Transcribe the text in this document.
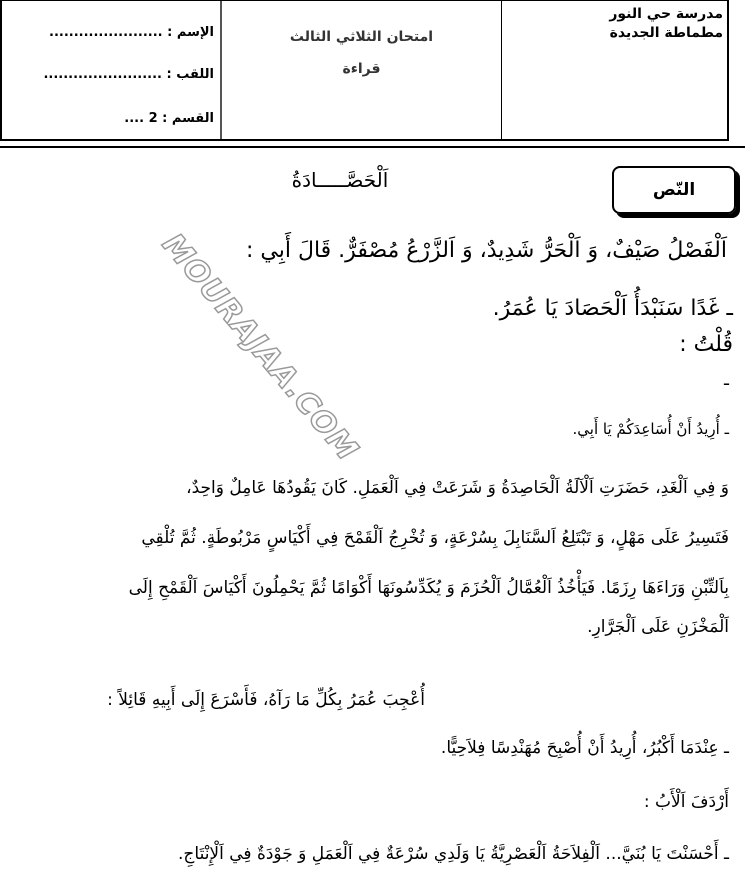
الإسم : .......................
اللقب : ........................
القسم : 2 ....
امتحان الثلاثي الثالث
قراءة
مدرسة حي النور
مطماطة الجديدة
النّص
اَلْحَصَّـــــادَةُ
MOURAJAA.COM
اَلْفَصْلُ صَيْفٌ، وَ اَلْحَرُّ شَدِيدٌ، وَ اَلزَّرْعُ مُصْفَرٌّ. قَالَ أَبِي :
ـ غَدًا سَنَبْدَأُ اَلْحَصَادَ يَا عُمَرُ.
قُلْتُ :
ـ
ـ أُرِيدُ أَنْ أُسَاعِدَكُمْ يَا أَبِي.
وَ فِي اَلْغَدِ، حَضَرَتِ اَلْآلَةُ اَلْحَاصِدَةُ وَ شَرَعَتْ فِي اَلْعَمَلِ. كَانَ يَقُودُهَا عَامِلٌ وَاحِدٌ،
فَتَسِيرُ عَلَى مَهْلٍ، وَ تَبْتَلِعُ اَلسَّنَابِلَ بِسُرْعَةٍ، وَ تُخْرِجُ اَلْقَمْحَ فِي أَكْيَاسٍ مَرْبُوطَةٍ. ثُمَّ تُلْقِي
بِاَلتِّبْنِ وَرَاءَهَا رِزَمًا. فَيَأْخُذُ اَلْعُمَّالُ اَلْحُزَمَ وَ يُكَدِّسُونَهَا أَكْوَامًا ثُمَّ يَحْمِلُونَ أَكْيَاسَ اَلْقَمْحِ إِلَى
اَلْمَخْزَنِ عَلَى اَلْجَرَّارِ.
أُعْجِبَ عُمَرُ بِكُلِّ مَا رَآهُ، فَأَسْرَعَ إِلَى أَبِيهِ قَائِلاً :
ـ عِنْدَمَا أَكْبُرُ، أُرِيدُ أَنْ أُصْبِحَ مُهَنْدِسًا فِلاَحِيًّا.
أَرْدَفَ اَلْأَبُ :
ـ أَحْسَنْتَ يَا بُنَيَّ... اَلْفِلاَحَةُ اَلْعَصْرِيَّةُ يَا وَلَدِي سُرْعَةٌ فِي اَلْعَمَلِ وَ جَوْدَةٌ فِي اَلْإِنْتَاجِ.
